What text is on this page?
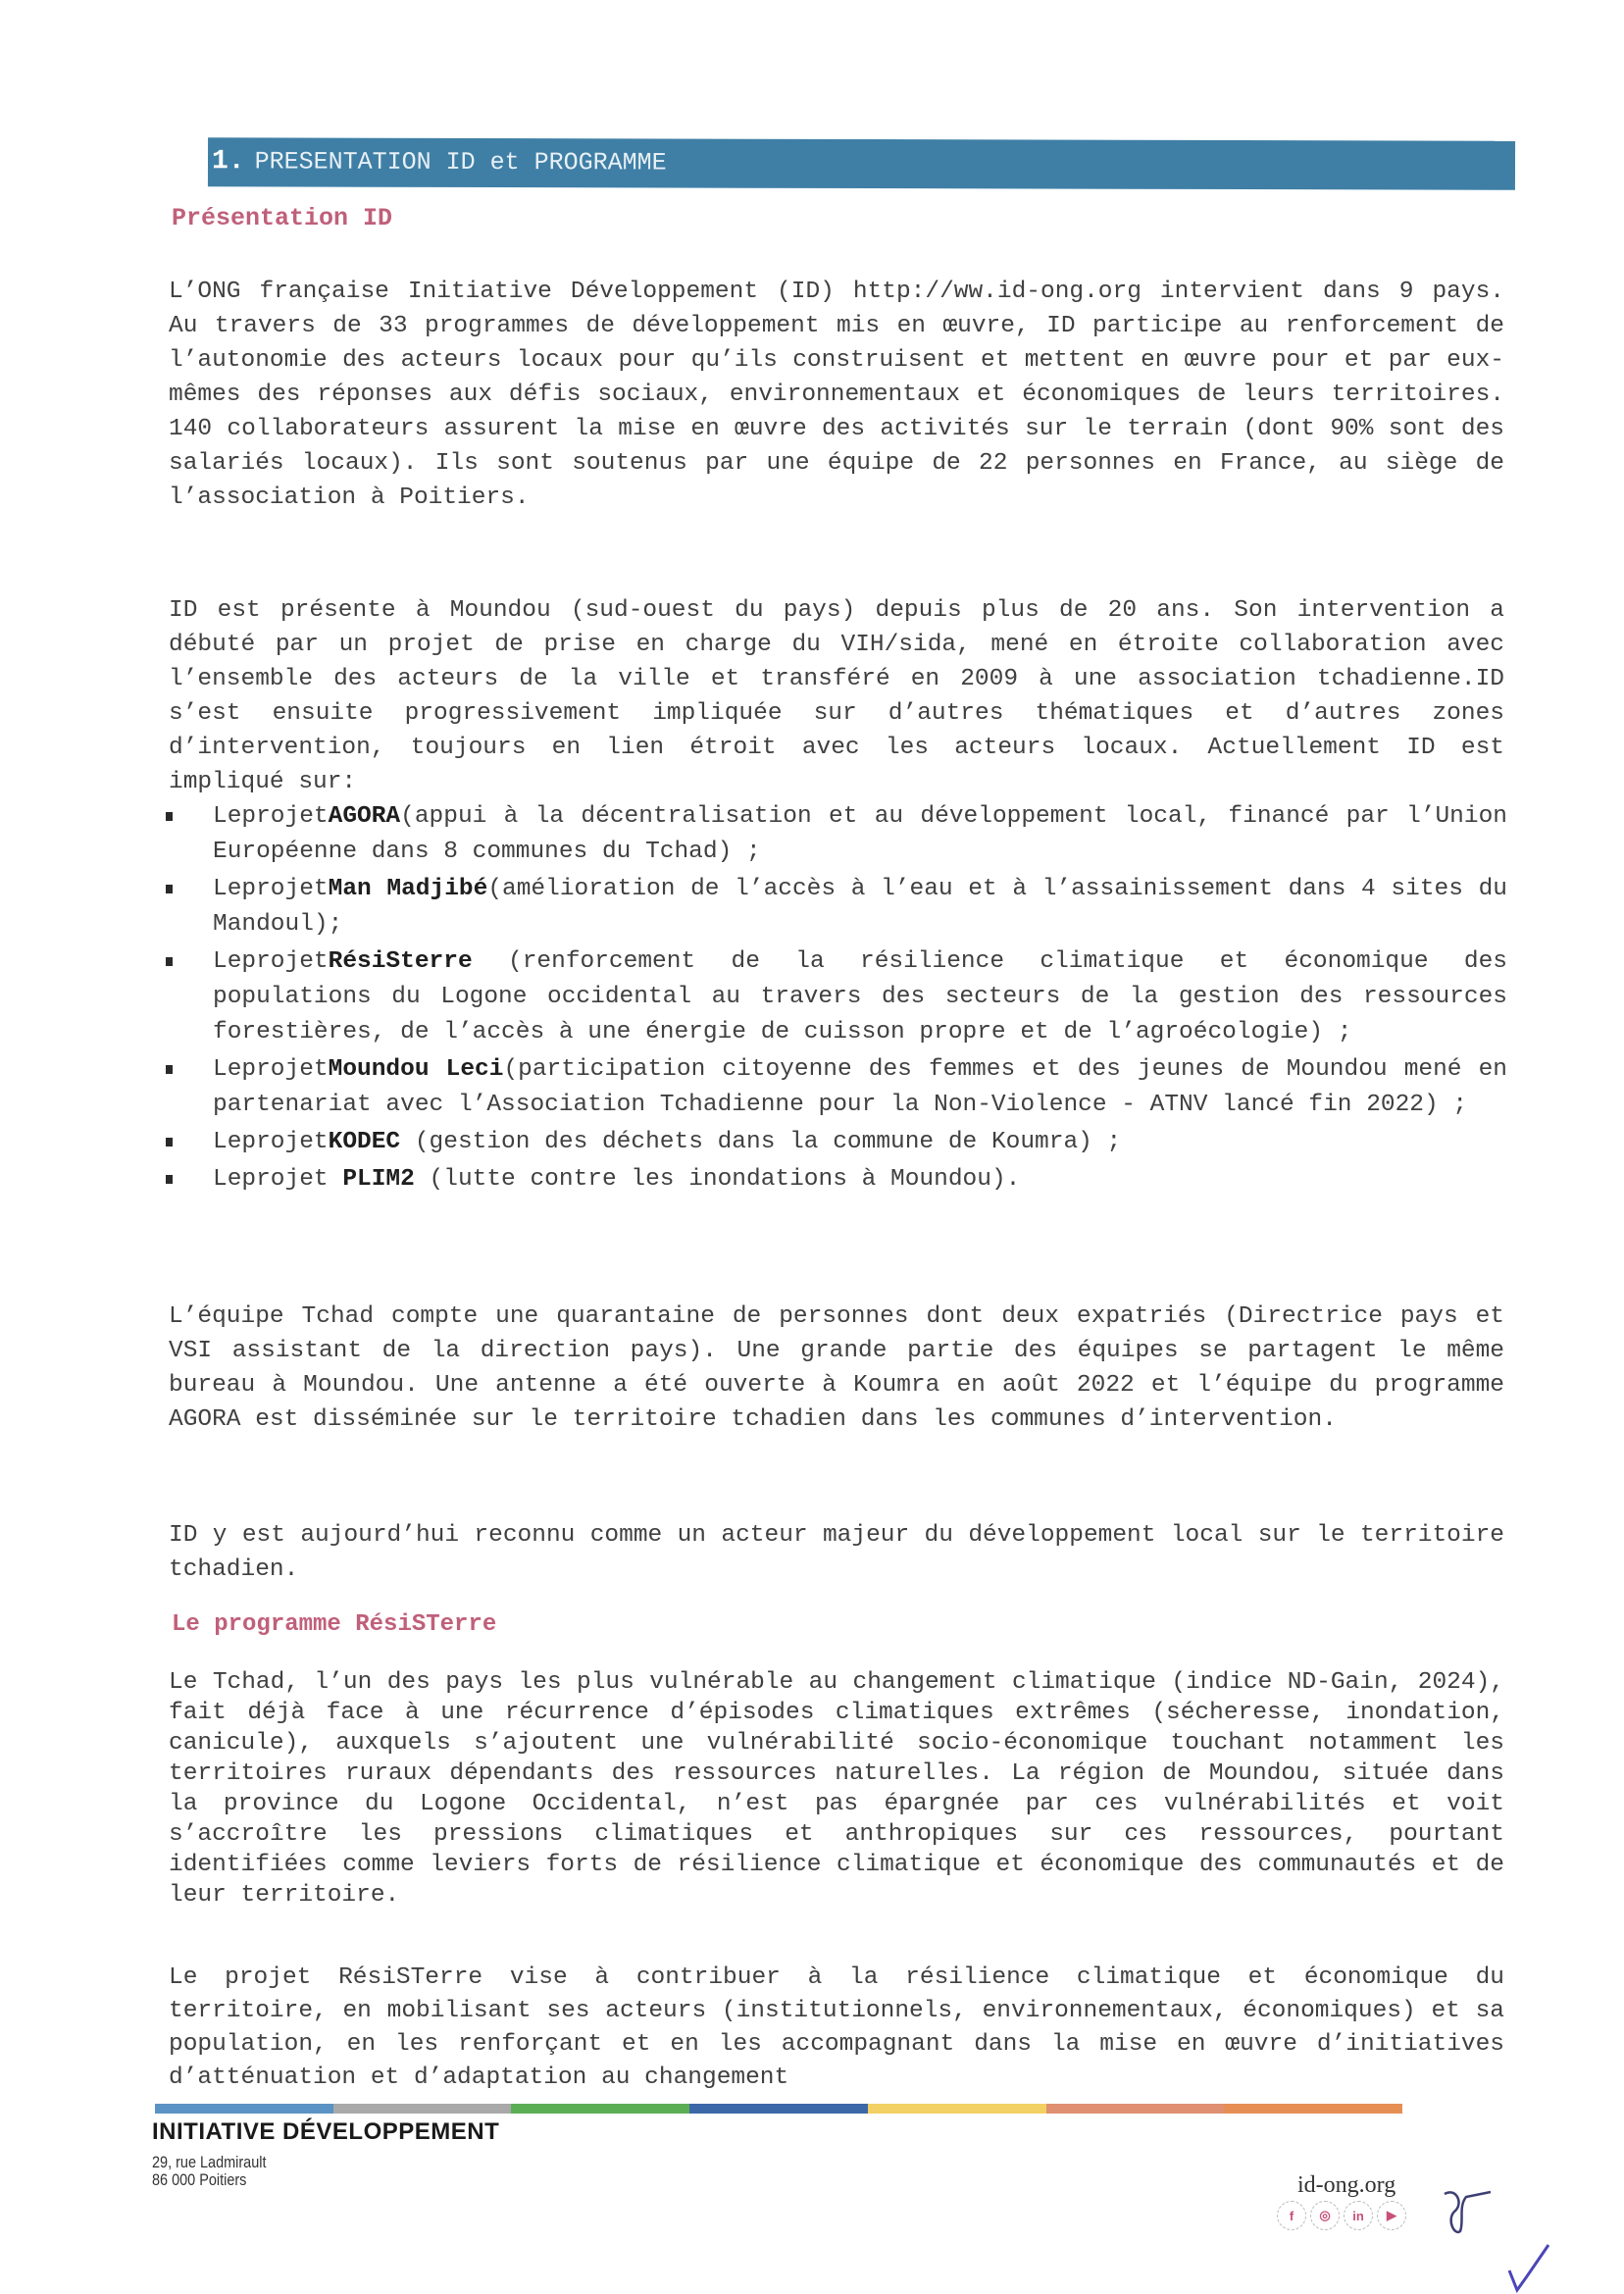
1. PRESENTATION ID et PROGRAMME
Présentation ID

L’ONG française Initiative Développement (ID) http://ww.id-ong.org intervient dans 9 pays. Au travers de 33 programmes de développement mis en œuvre, ID participe au renforcement de l’autonomie des acteurs locaux pour qu’ils construisent et mettent en œuvre pour et par eux-mêmes des réponses aux défis sociaux, environnementaux et économiques de leurs territoires. 140 collaborateurs assurent la mise en œuvre des activités sur le terrain (dont 90% sont des salariés locaux). Ils sont soutenus par une équipe de 22 personnes en France, au siège de l’association à Poitiers.

ID est présente à Moundou (sud-ouest du pays) depuis plus de 20 ans. Son intervention a débuté par un projet de prise en charge du VIH/sida, mené en étroite collaboration avec l’ensemble des acteurs de la ville et transféré en 2009 à une association tchadienne.ID s’est ensuite progressivement impliquée sur d’autres thématiques et d’autres zones d’intervention, toujours en lien étroit avec les acteurs locaux. Actuellement ID est impliqué sur:

LeprojetAGORA(appui à la décentralisation et au développement local, financé par l’Union Européenne dans 8 communes du Tchad) ;
LeprojetMan Madjibé(amélioration de l’accès à l’eau et à l’assainissement dans 4 sites du Mandoul);
LeprojetRésiSterre (renforcement de la résilience climatique et économique des populations du Logone occidental au travers des secteurs de la gestion des ressources forestières, de l’accès à une énergie de cuisson propre et de l’agroécologie) ;
LeprojetMoundou Leci(participation citoyenne des femmes et des jeunes de Moundou mené en partenariat avec l’Association Tchadienne pour la Non-Violence - ATNV lancé fin 2022) ;
LeprojetKODEC (gestion des déchets dans la commune de Koumra) ;
Leprojet PLIM2 (lutte contre les inondations à Moundou).

L’équipe Tchad compte une quarantaine de personnes dont deux expatriés (Directrice pays et VSI assistant de la direction pays). Une grande partie des équipes se partagent le même bureau à Moundou. Une antenne a été ouverte à Koumra en août 2022 et l’équipe du programme AGORA est disséminée sur le territoire tchadien dans les communes d’intervention.

ID y est aujourd’hui reconnu comme un acteur majeur du développement local sur le territoire tchadien.

Le programme RésiSTerre

Le Tchad, l’un des pays les plus vulnérable au changement climatique (indice ND-Gain, 2024), fait déjà face à une récurrence d’épisodes climatiques extrêmes (sécheresse, inondation, canicule), auxquels s’ajoutent une vulnérabilité socio-économique touchant notamment les territoires ruraux dépendants des ressources naturelles. La région de Moundou, située dans la province du Logone Occidental, n’est pas épargnée par ces vulnérabilités et voit s’accroître les pressions climatiques et anthropiques sur ces ressources, pourtant identifiées comme leviers forts de résilience climatique et économique des communautés et de leur territoire.

Le projet RésiSTerre vise à contribuer à la résilience climatique et économique du territoire, en mobilisant ses acteurs (institutionnels, environnementaux, économiques) et sa population, en les renforçant et en les accompagnant dans la mise en œuvre d’initiatives d’atténuation et d’adaptation au changement

INITIATIVE DÉVELOPPEMENT
29, rue Ladmirault
86 000 Poitiers	id-ong.org
f	◎	in	▶
